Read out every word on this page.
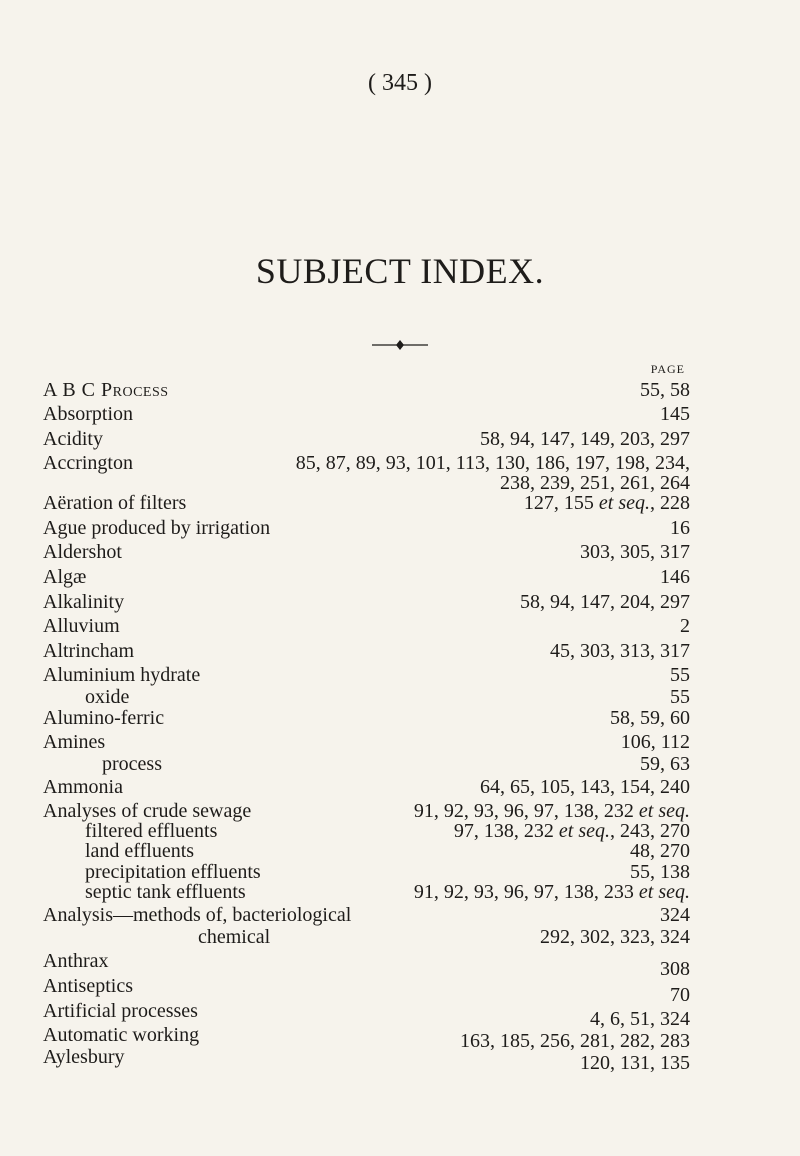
( 345 )
SUBJECT INDEX.
PAGE
A B C Process	55, 58
Absorption	145
Acidity	58, 94, 147, 149, 203, 297
Accrington	85, 87, 89, 93, 101, 113, 130, 186, 197, 198, 234,
238, 239, 251, 261, 264
Aëration of filters	127, 155 et seq., 228
Ague produced by irrigation	16
Aldershot	303, 305, 317
Algæ	146
Alkalinity	58, 94, 147, 204, 297
Alluvium	2
Altrincham	45, 303, 313, 317
Aluminium hydrate	55
oxide	55
Alumino-ferric	58, 59, 60
Amines	106, 112
process	59, 63
Ammonia	64, 65, 105, 143, 154, 240
Analyses of crude sewage	91, 92, 93, 96, 97, 138, 232 et seq.
filtered effluents	97, 138, 232 et seq., 243, 270
land effluents	48, 270
precipitation effluents	55, 138
septic tank effluents	91, 92, 93, 96, 97, 138, 233 et seq.
Analysis—methods of, bacteriological	324
chemical	292, 302, 323, 324
Anthrax	308
Antiseptics	70
Artificial processes	4, 6, 51, 324
Automatic working	163, 185, 256, 281, 282, 283
Aylesbury	120, 131, 135
